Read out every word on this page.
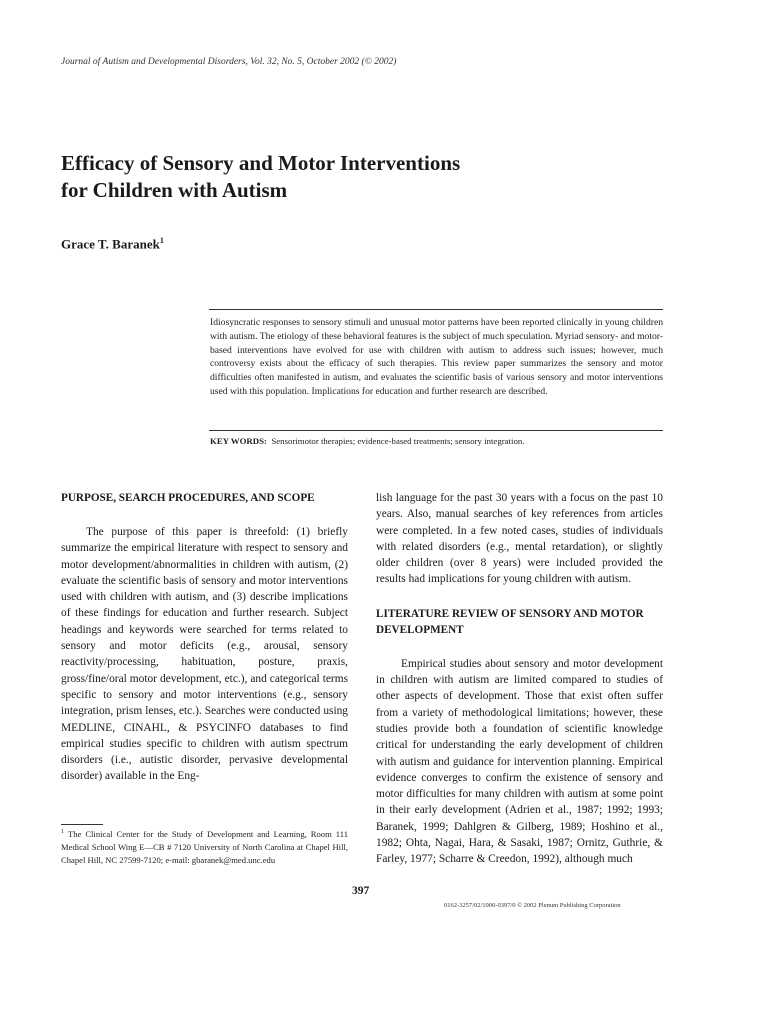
Journal of Autism and Developmental Disorders, Vol. 32, No. 5, October 2002 (© 2002)
Efficacy of Sensory and Motor Interventions
for Children with Autism
Grace T. Baranek$^1$
Idiosyncratic responses to sensory stimuli and unusual motor patterns have been reported clinically in young children with autism. The etiology of these behavioral features is the subject of much speculation. Myriad sensory- and motor-based interventions have evolved for use with children with autism to address such issues; however, much controversy exists about the efficacy of such therapies. This review paper summarizes the sensory and motor difficulties often manifested in autism, and evaluates the scientific basis of various sensory and motor interventions used with this population. Implications for education and further research are described.
KEY WORDS: Sensorimotor therapies; evidence-based treatments; sensory integration.
PURPOSE, SEARCH PROCEDURES, AND SCOPE

The purpose of this paper is threefold: (1) briefly summarize the empirical literature with respect to sensory and motor development/abnormalities in children with autism, (2) evaluate the scientific basis of sensory and motor interventions used with children with autism, and (3) describe implications of these findings for education and further research. Subject headings and keywords were searched for terms related to sensory and motor deficits (e.g., arousal, sensory reactivity/processing, habituation, posture, praxis, gross/fine/oral motor development, etc.), and categorical terms specific to sensory and motor interventions (e.g., sensory integration, prism lenses, etc.). Searches were conducted using MEDLINE, CINAHL, & PSYCINFO databases to find empirical studies specific to children with autism spectrum disorders (i.e., autistic disorder, pervasive developmental disorder) available in the Eng-

lish language for the past 30 years with a focus on the past 10 years. Also, manual searches of key references from articles were completed. In a few noted cases, studies of individuals with related disorders (e.g., mental retardation), or slightly older children (over 8 years) were included provided the results had implications for young children with autism.

LITERATURE REVIEW OF SENSORY AND MOTOR DEVELOPMENT

Empirical studies about sensory and motor development in children with autism are limited compared to studies of other aspects of development. Those that exist often suffer from a variety of methodological limitations; however, these studies provide both a foundation of scientific knowledge critical for understanding the early development of children with autism and guidance for intervention planning. Empirical evidence converges to confirm the existence of sensory and motor difficulties for many children with autism at some point in their early development (Adrien et al., 1987; 1992; 1993; Baranek, 1999; Dahlgren & Gilberg, 1989; Hoshino et al., 1982; Ohta, Nagai, Hara, & Sasaki, 1987; Ornitz, Guthrie, & Farley, 1977; Scharre & Creedon, 1992), although much

$^1$ The Clinical Center for the Study of Development and Learning, Room 111 Medical School Wing E—CB # 7120 University of North Carolina at Chapel Hill, Chapel Hill, NC 27599-7120; e-mail: gbaranek@med.unc.edu
397
0162-3257/02/1000-0397/0 © 2002 Plenum Publishing Corporation
